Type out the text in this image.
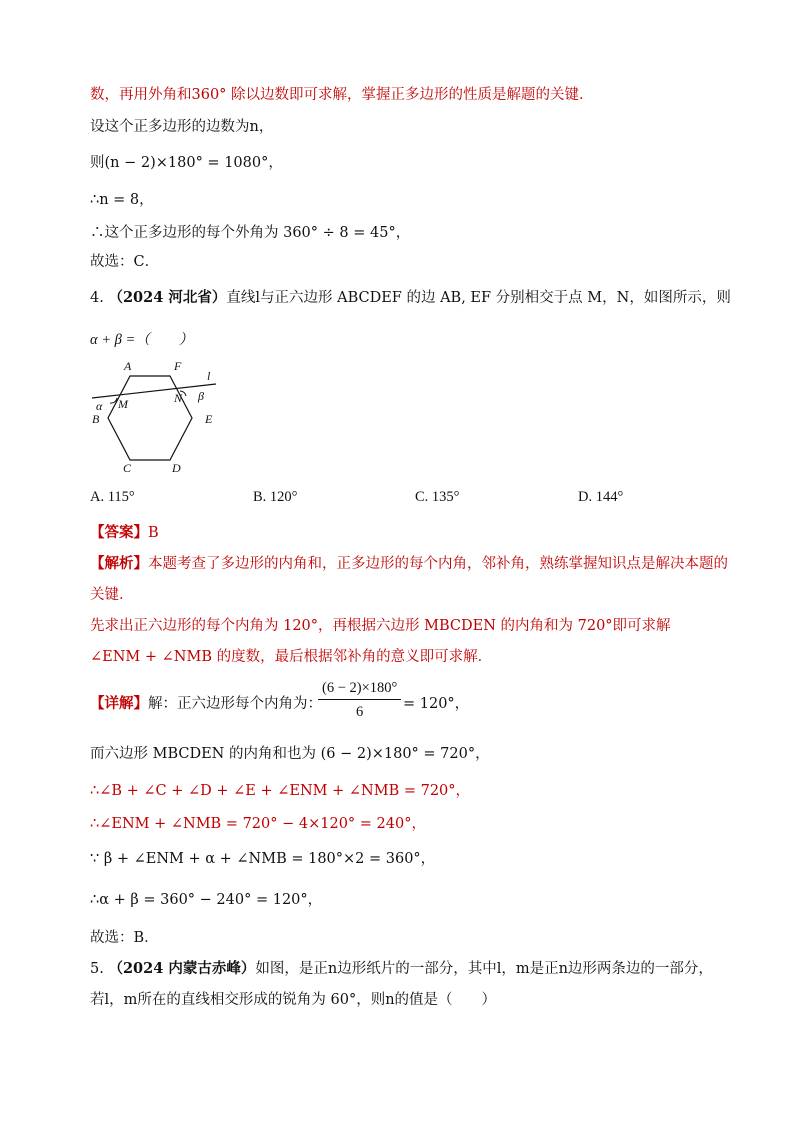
数，再用外角和360° 除以边数即可求解，掌握正多边形的性质是解题的关键．
设这个正多边形的边数为n，
则(n − 2)×180° = 1080°，
∴n = 8，
∴这个正多边形的每个外角为 360° ÷ 8 = 45°，
故选：C．
4. （2024 河北省）直线l与正六边形 ABCDEF 的边 AB, EF 分别相交于点 M，N，如图所示，则
α + β =（　　）
A	F
l
M	N
α
β
B	E
C	D
A. 115°	B. 120°	C. 135°	D. 144°
【答案】B
【解析】本题考查了多边形的内角和，正多边形的每个内角，邻补角，熟练掌握知识点是解决本题的
关键．
先求出正六边形的每个内角为 120°，再根据六边形 MBCDEN 的内角和为 720°即可求解
∠ENM + ∠NMB 的度数，最后根据邻补角的意义即可求解．
【详解】解：正六边形每个内角为：
$\frac{(6 - 2)\times 180^\circ}{6} = 120^\circ$，
而六边形 MBCDEN 的内角和也为 (6 − 2)×180° = 720°，
∴∠B + ∠C + ∠D + ∠E + ∠ENM + ∠NMB = 720°，
∴∠ENM + ∠NMB = 720° − 4×120° = 240°，
∵ β + ∠ENM + α + ∠NMB = 180°×2 = 360°，
∴α + β = 360° − 240° = 120°，
故选：B．
5. （2024 内蒙古赤峰）如图，是正n边形纸片的一部分，其中l，m是正n边形两条边的一部分，
若l，m所在的直线相交形成的锐角为 60°，则n的值是（　　）
